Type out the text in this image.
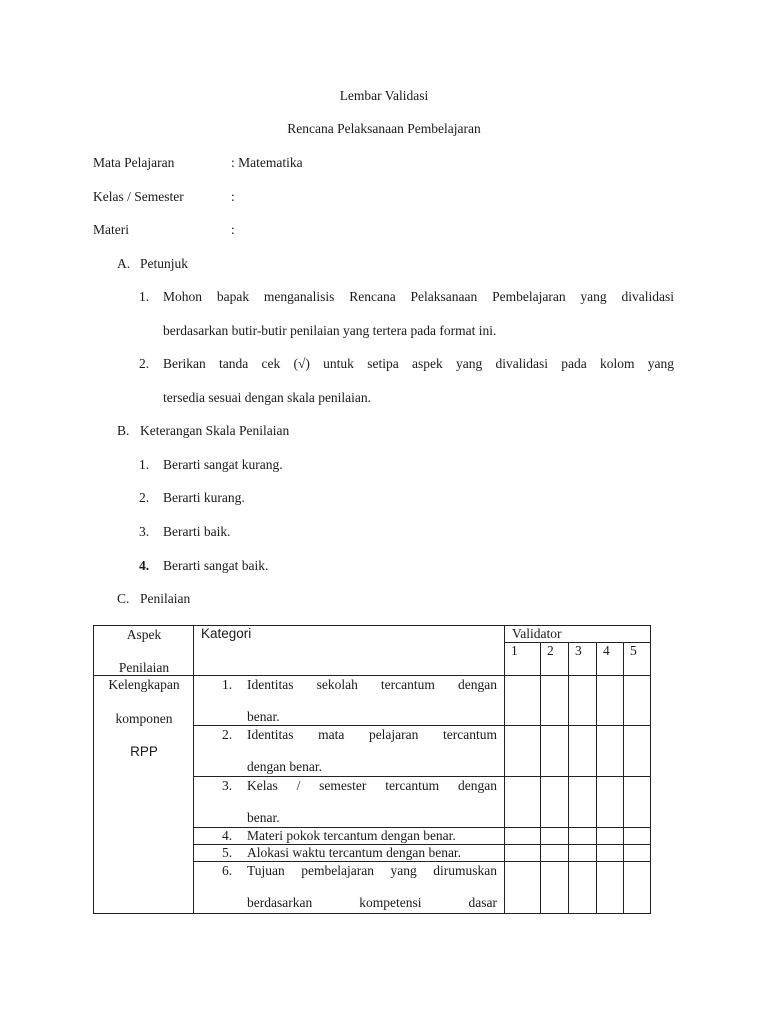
Lembar Validasi
Rencana Pelaksanaan Pembelajaran
Mata Pelajaran	: Matematika
Kelas / Semester	:
Materi	:
A. Petunjuk
1. Mohon bapak menganalisis Rencana Pelaksanaan Pembelajaran yang divalidasi
berdasarkan butir-butir penilaian yang tertera pada format ini.
2. Berikan tanda cek (√) untuk setipa aspek yang divalidasi pada kolom yang
tersedia sesuai dengan skala penilaian.
B. Keterangan Skala Penilaian
1. Berarti sangat kurang.
2. Berarti kurang.
3. Berarti baik.
4. Berarti sangat baik.
C. Penilaian
Aspek
Penilaian	Kategori	Validator				
		1	2	3	4	5

Kelengkapan
komponen
RPP	1. Identitas sekolah tercantum dengan
benar.					

	2. Identitas mata pelajaran tercantum
dengan benar.					

	3. Kelas / semester tercantum dengan
benar.					

	4. Materi pokok tercantum dengan benar.					

	5. Alokasi waktu tercantum dengan benar.					

	6. Tujuan pembelajaran yang dirumuskan
berdasarkan kompetensi dasar					
